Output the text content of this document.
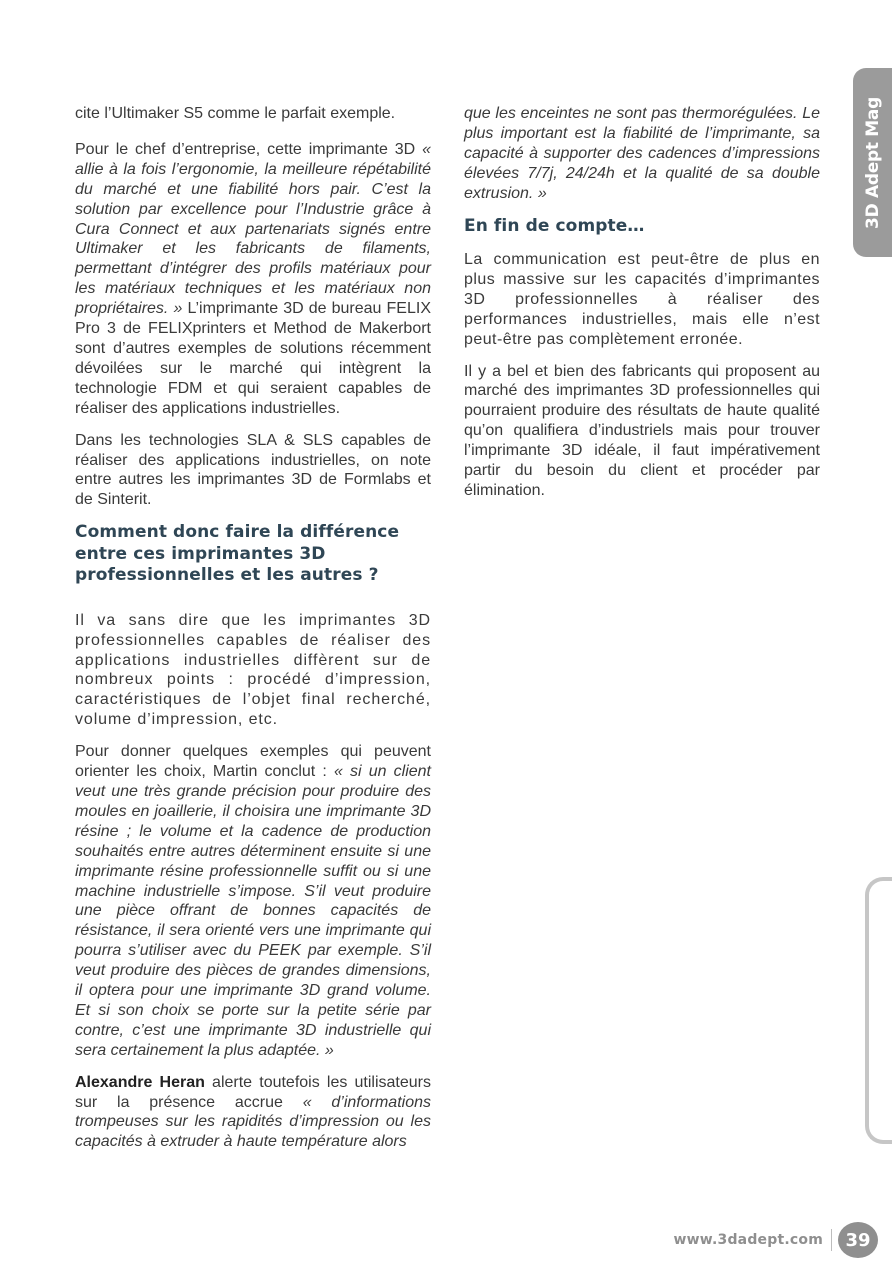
3D Adept Mag

cite l’Ultimaker S5 comme le parfait exemple.

Pour le chef d’entreprise, cette imprimante 3D « allie à la fois l’ergonomie, la meilleure répétabilité du marché et une fiabilité hors pair. C’est la solution par excellence pour l’Industrie grâce à Cura Connect et aux partenariats signés entre Ultimaker et les fabricants de filaments, permettant d’intégrer des profils matériaux pour les matériaux techniques et les matériaux non propriétaires. » L’imprimante 3D de bureau FELIX Pro 3 de FELIXprinters et Method de Makerbort sont d’autres exemples de solutions récemment dévoilées sur le marché qui intègrent la technologie FDM et qui seraient capables de réaliser des applications industrielles.

Dans les technologies SLA & SLS capables de réaliser des applications industrielles, on note entre autres les imprimantes 3D de Formlabs et de Sinterit.

Comment donc faire la différence entre ces imprimantes 3D professionnelles et les autres ?

Il va sans dire que les imprimantes 3D professionnelles capables de réaliser des applications industrielles diffèrent sur de nombreux points : procédé d’impression, caractéristiques de l’objet final recherché, volume d’impression, etc.

Pour donner quelques exemples qui peuvent orienter les choix, Martin conclut : « si un client veut une très grande précision pour produire des moules en joaillerie, il choisira une imprimante 3D résine ; le volume et la cadence de production souhaités entre autres déterminent ensuite si une imprimante résine professionnelle suffit ou si une machine industrielle s’impose. S’il veut produire une pièce offrant de bonnes capacités de résistance, il sera orienté vers une imprimante qui pourra s’utiliser avec du PEEK par exemple. S’il veut produire des pièces de grandes dimensions, il optera pour une imprimante 3D grand volume. Et si son choix se porte sur la petite série par contre, c’est une imprimante 3D industrielle qui sera certainement la plus adaptée. »

Alexandre Heran alerte toutefois les utilisateurs sur la présence accrue « d’informations trompeuses sur les rapidités d’impression ou les capacités à extruder à haute température alors

que les enceintes ne sont pas thermorégulées. Le plus important est la fiabilité de l’imprimante, sa capacité à supporter des cadences d’impressions élevées 7/7j, 24/24h et la qualité de sa double extrusion. »

En fin de compte…

La communication est peut-être de plus en plus massive sur les capacités d’imprimantes 3D professionnelles à réaliser des performances industrielles, mais elle n’est peut-être pas complètement erronée.

Il y a bel et bien des fabricants qui proposent au marché des imprimantes 3D professionnelles qui pourraient produire des résultats de haute qualité qu’on qualifiera d’industriels mais pour trouver l’imprimante 3D idéale, il faut impérativement partir du besoin du client et procéder par élimination.

www.3dadept.com	39
